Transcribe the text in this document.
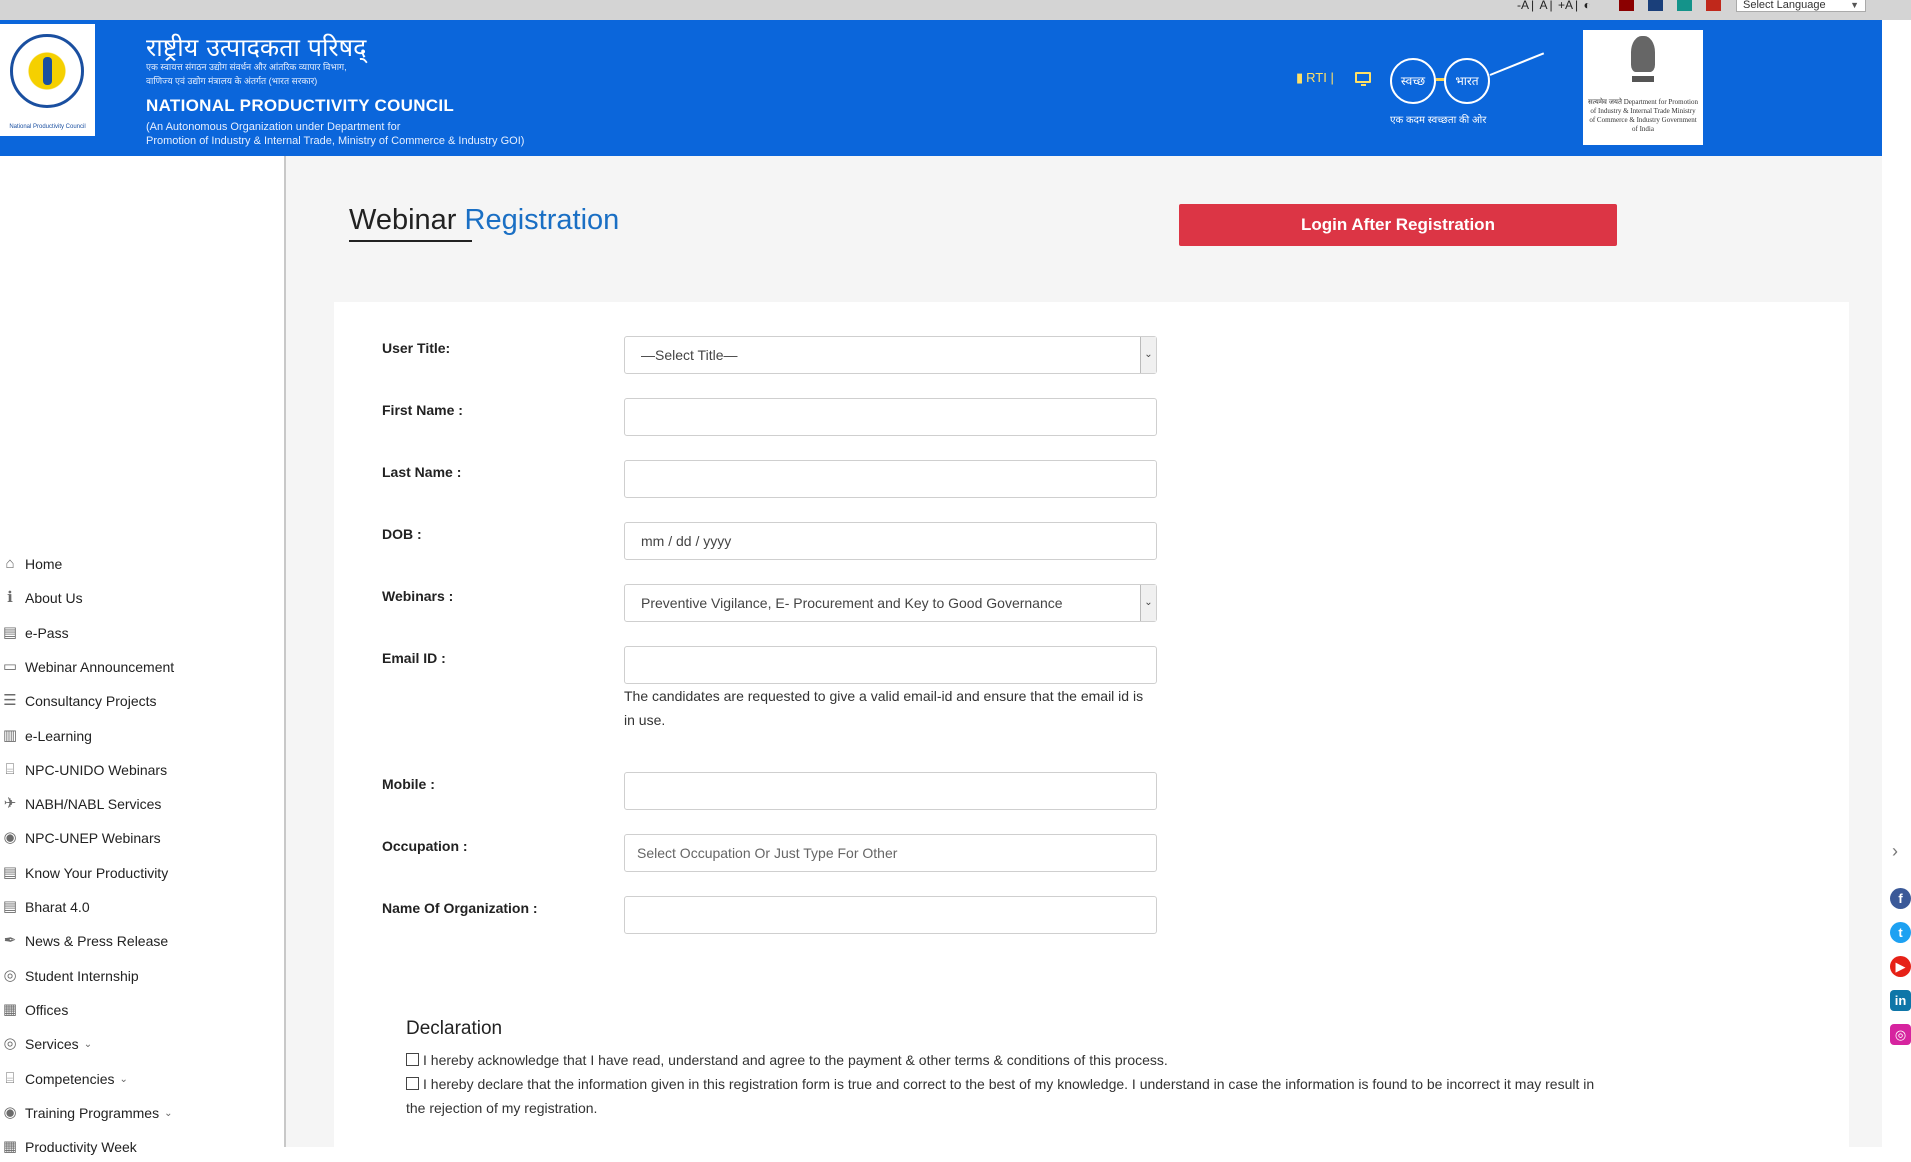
-A | A | +A | ◐	Select Language	▼
National Productivity Council
राष्ट्रीय उत्पादकता परिषद्
एक स्वायत्त संगठन उद्योग संवर्धन और आंतरिक व्यापार विभाग,
वाणिज्य एवं उद्योग मंत्रालय के अंतर्गत (भारत सरकार)
NATIONAL PRODUCTIVITY COUNCIL
(An Autonomous Organization under Department for
Promotion of Industry & Internal Trade, Ministry of Commerce & Industry GOI)
▮ RTI |	स्वच्छ	भारत
एक कदम स्वच्छता की ओर
सत्यमेव जयते Department for Promotion of Industry & Internal Trade Ministry of Commerce & Industry Government of India
⌂ Home
ℹ About Us
▤ e-Pass
▭ Webinar Announcement
☰ Consultancy Projects
▥ e-Learning
⌸ NPC-UNIDO Webinars
✈ NABH/NABL Services
◉ NPC-UNEP Webinars
▤ Know Your Productivity
▤ Bharat 4.0
✒ News & Press Release
◎ Student Internship
▦ Offices
◎ Services ⌄
⌸ Competencies ⌄
◉ Training Programmes ⌄
▦ Productivity Week
Webinar Registration	Login After Registration
User Title:	—Select Title—	⌄
First Name :
Last Name :
DOB :	mm / dd / yyyy
Webinars :	Preventive Vigilance, E- Procurement and Key to Good Governance	⌄
Email ID :
The candidates are requested to give a valid email-id and ensure that the email id is in use.
Mobile :
Occupation :	Select Occupation Or Just Type For Other
Name Of Organization :
Declaration
I hereby acknowledge that I have read, understand and agree to the payment & other terms & conditions of this process.
I hereby declare that the information given in this registration form is true and correct to the best of my knowledge. I understand in case the information is found to be incorrect it may result in the rejection of my registration.
›
f
t
▶
in
◎
